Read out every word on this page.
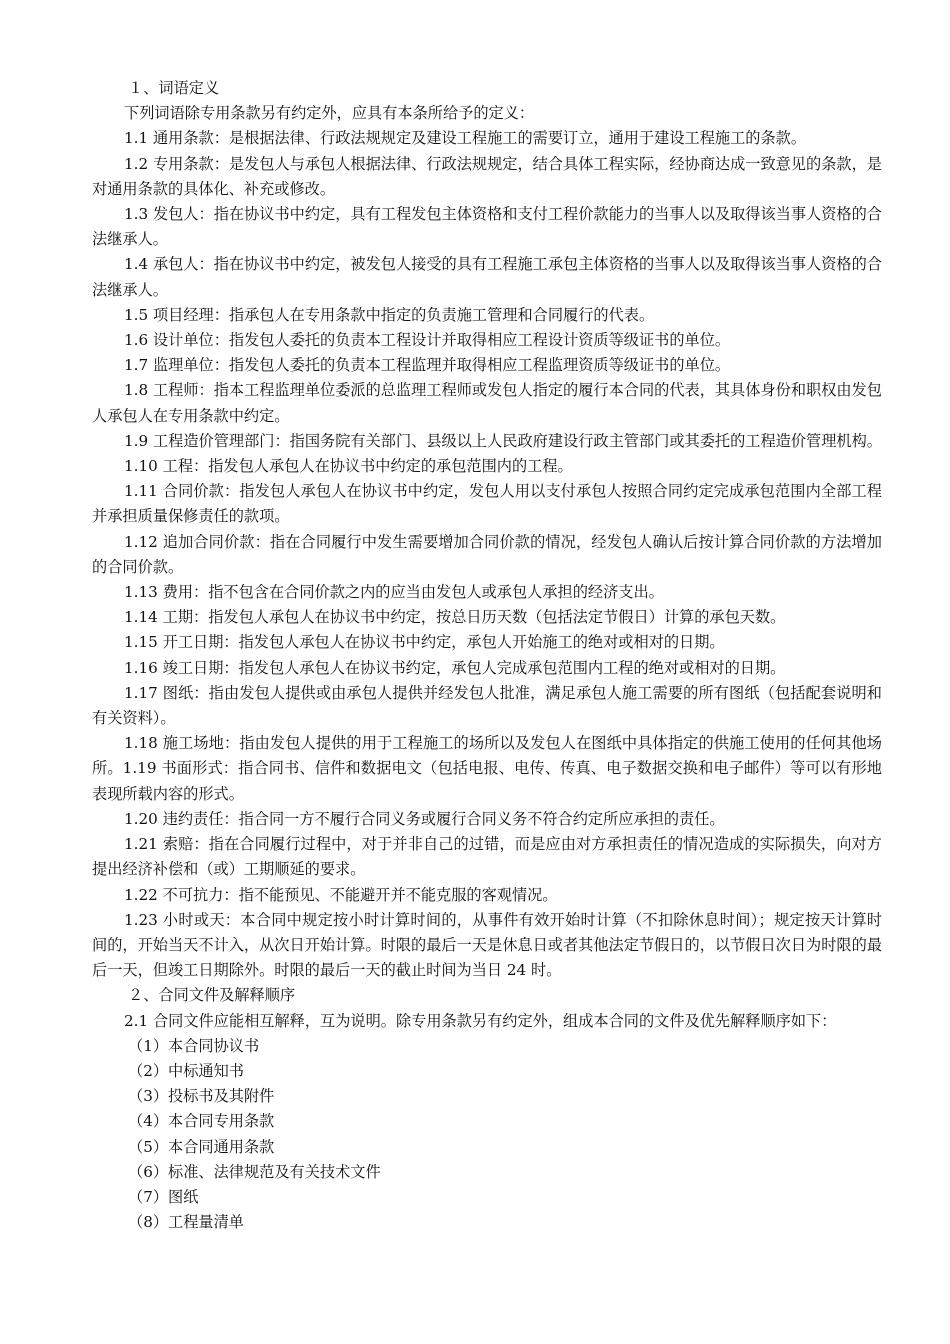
１、词语定义

下列词语除专用条款另有约定外，应具有本条所给予的定义：

1.1 通用条款：是根据法律、行政法规规定及建设工程施工的需要订立，通用于建设工程施工的条款。

1.2 专用条款：是发包人与承包人根据法律、行政法规规定，结合具体工程实际，经协商达成一致意见的条款，是对通用条款的具体化、补充或修改。

1.3 发包人：指在协议书中约定，具有工程发包主体资格和支付工程价款能力的当事人以及取得该当事人资格的合法继承人。

1.4 承包人：指在协议书中约定，被发包人接受的具有工程施工承包主体资格的当事人以及取得该当事人资格的合法继承人。

1.5 项目经理：指承包人在专用条款中指定的负责施工管理和合同履行的代表。

1.6 设计单位：指发包人委托的负责本工程设计并取得相应工程设计资质等级证书的单位。

1.7 监理单位：指发包人委托的负责本工程监理并取得相应工程监理资质等级证书的单位。

1.8 工程师：指本工程监理单位委派的总监理工程师或发包人指定的履行本合同的代表，其具体身份和职权由发包人承包人在专用条款中约定。

1.9 工程造价管理部门：指国务院有关部门、县级以上人民政府建设行政主管部门或其委托的工程造价管理机构。

1.10 工程：指发包人承包人在协议书中约定的承包范围内的工程。

1.11 合同价款：指发包人承包人在协议书中约定，发包人用以支付承包人按照合同约定完成承包范围内全部工程并承担质量保修责任的款项。

1.12 追加合同价款：指在合同履行中发生需要增加合同价款的情况，经发包人确认后按计算合同价款的方法增加的合同价款。

1.13 费用：指不包含在合同价款之内的应当由发包人或承包人承担的经济支出。

1.14 工期：指发包人承包人在协议书中约定，按总日历天数（包括法定节假日）计算的承包天数。

1.15 开工日期：指发包人承包人在协议书中约定，承包人开始施工的绝对或相对的日期。

1.16 竣工日期：指发包人承包人在协议书约定，承包人完成承包范围内工程的绝对或相对的日期。

1.17 图纸：指由发包人提供或由承包人提供并经发包人批准，满足承包人施工需要的所有图纸（包括配套说明和有关资料）。

1.18 施工场地：指由发包人提供的用于工程施工的场所以及发包人在图纸中具体指定的供施工使用的任何其他场所。1.19 书面形式：指合同书、信件和数据电文（包括电报、电传、传真、电子数据交换和电子邮件）等可以有形地表现所载内容的形式。

1.20 违约责任：指合同一方不履行合同义务或履行合同义务不符合约定所应承担的责任。

1.21 索赔：指在合同履行过程中，对于并非自己的过错，而是应由对方承担责任的情况造成的实际损失，向对方提出经济补偿和（或）工期顺延的要求。

1.22 不可抗力：指不能预见、不能避开并不能克服的客观情况。

1.23 小时或天：本合同中规定按小时计算时间的，从事件有效开始时计算（不扣除休息时间）；规定按天计算时间的，开始当天不计入，从次日开始计算。时限的最后一天是休息日或者其他法定节假日的，以节假日次日为时限的最后一天，但竣工日期除外。时限的最后一天的截止时间为当日 24 时。

２、合同文件及解释顺序

2.1 合同文件应能相互解释，互为说明。除专用条款另有约定外，组成本合同的文件及优先解释顺序如下：

（1）本合同协议书

（2）中标通知书

（3）投标书及其附件

（4）本合同专用条款

（5）本合同通用条款

（6）标准、法律规范及有关技术文件

（7）图纸

（8）工程量清单
